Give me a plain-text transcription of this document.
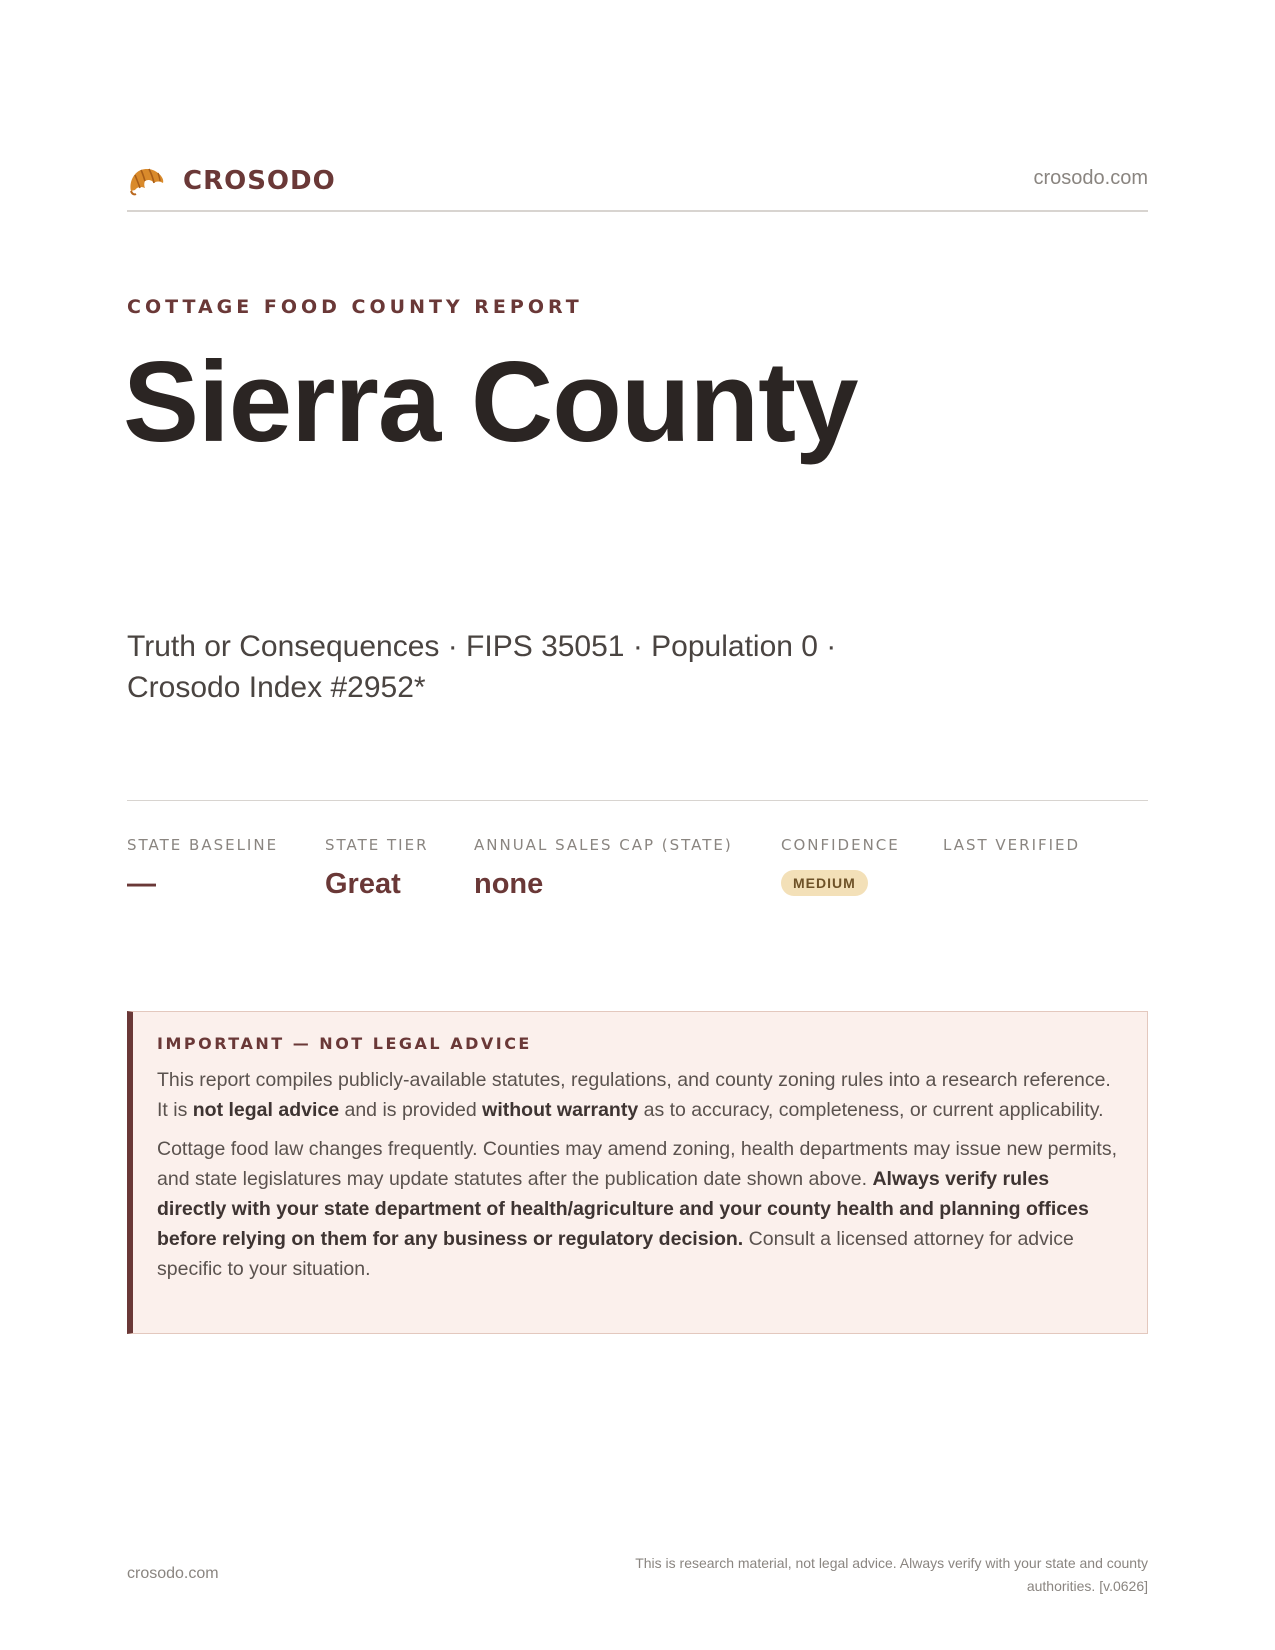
CROSODO	crosodo.com
COTTAGE FOOD COUNTY REPORT
Sierra County
Truth or Consequences · FIPS 35051 · Population 0 · Crosodo Index #2952*
STATE BASELINE
—
STATE TIER
Great
ANNUAL SALES CAP (STATE)
none
CONFIDENCE
MEDIUM
LAST VERIFIED
IMPORTANT — NOT LEGAL ADVICE

This report compiles publicly-available statutes, regulations, and county zoning rules into a research reference. It is not legal advice and is provided without warranty as to accuracy, completeness, or current applicability.

Cottage food law changes frequently. Counties may amend zoning, health departments may issue new permits, and state legislatures may update statutes after the publication date shown above. Always verify rules directly with your state department of health/agriculture and your county health and planning offices before relying on them for any business or regulatory decision. Consult a licensed attorney for advice specific to your situation.

crosodo.com
This is research material, not legal advice. Always verify with your state and county authorities. [v.0626]
